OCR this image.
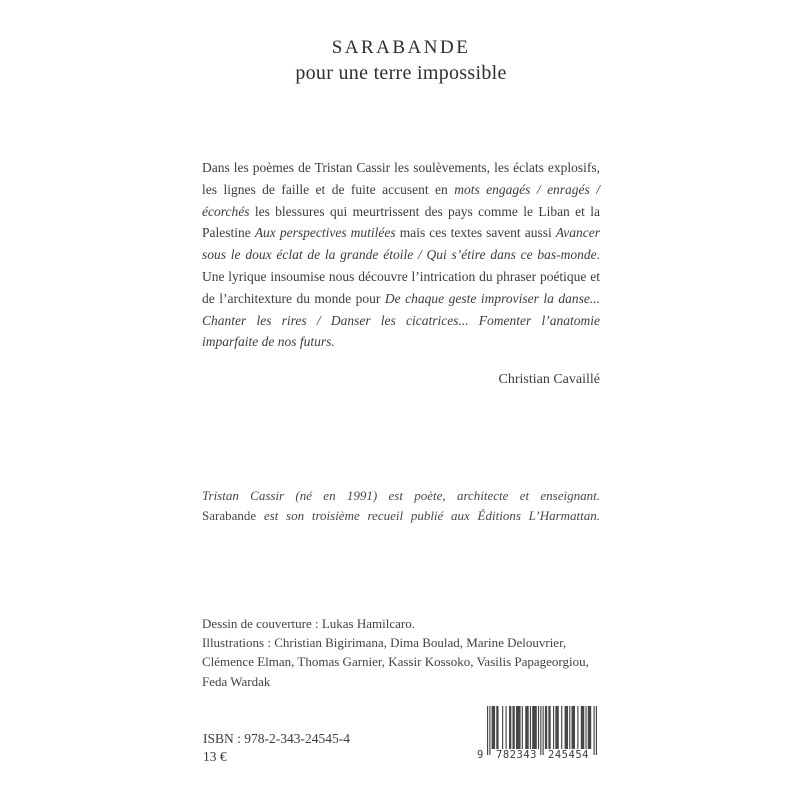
SARABANDE
pour une terre impossible
Dans les poèmes de Tristan Cassir les soulèvements, les éclats explosifs, les lignes de faille et de fuite accusent en mots engagés / enragés / écorchés les blessures qui meurtrissent des pays comme le Liban et la Palestine Aux perspectives mutilées mais ces textes savent aussi Avancer sous le doux éclat de la grande étoile / Qui s’étire dans ce bas-monde. Une lyrique insoumise nous découvre l’intrication du phraser poétique et de l’architexture du monde pour De chaque geste improviser la danse... Chanter les rires / Danser les cicatrices... Fomenter l’anatomie imparfaite de nos futurs.
Christian Cavaillé
Tristan Cassir (né en 1991) est poète, architecte et enseignant.
Sarabande est son troisième recueil publié aux Éditions L’Harmattan.
Dessin de couverture : Lukas Hamilcaro.
Illustrations : Christian Bigirimana, Dima Boulad, Marine Delouvrier, Clémence Elman, Thomas Garnier, Kassir Kossoko, Vasilis Papageorgiou, Feda Wardak
ISBN : 978-2-343-24545-4
13 €	9	782343	245454
